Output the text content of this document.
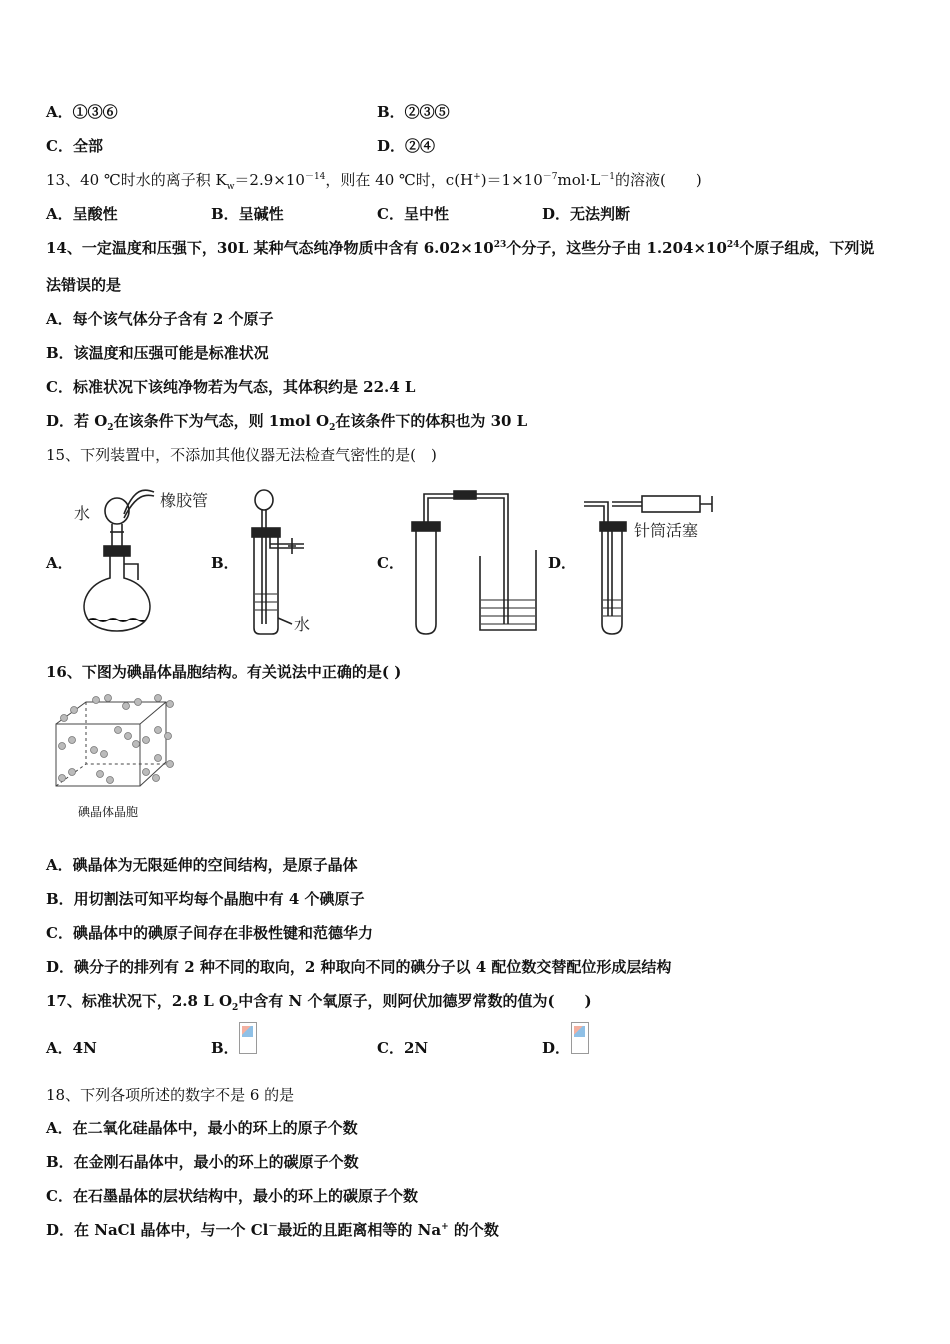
A．①③⑥	B．②③⑤
C．全部	D．②④
13、40 ℃时水的离子积 $K_w=2.9\times 10^{-14}$，则在 40 ℃时，$c(H^+)=1\times 10^{-7}mol\cdot L^{-1}$的溶液(　　)
A．呈酸性	B．呈碱性	C．呈中性	D．无法判断
14、一定温度和压强下，30L 某种气态纯净物质中含有 $6.02\times 10^{23}$个分子，这些分子由 $1.204\times 10^{24}$个原子组成，下列说
法错误的是
A．每个该气体分子含有 2 个原子
B．该温度和压强可能是标准状况
C．标准状况下该纯净物若为气态，其体积约是 22.4 L
D．若 $O_2$在该条件下为气态，则 1mol $O_2$在该条件下的体积也为 30 L
15、下列装置中，不添加其他仪器无法检查气密性的是(　)
A．	B．	C．	D．
水
橡胶管
水
针筒活塞
16、下图为碘晶体晶胞结构。有关说法中正确的是( )
碘晶体晶胞
A．碘晶体为无限延伸的空间结构，是原子晶体
B．用切割法可知平均每个晶胞中有 4 个碘原子
C．碘晶体中的碘原子间存在非极性键和范德华力
D．碘分子的排列有 2 种不同的取向，2 种取向不同的碘分子以 4 配位数交替配位形成层结构
17、标准状况下，2.8 L $O_2$中含有 N 个氧原子，则阿伏加德罗常数的值为(　　)
A．4N	B．	C．2N	D．
18、下列各项所述的数字不是 6 的是
A．在二氧化硅晶体中，最小的环上的原子个数
B．在金刚石晶体中，最小的环上的碳原子个数
C．在石墨晶体的层状结构中，最小的环上的碳原子个数
D．在 NaCl 晶体中，与一个 Cl－最近的且距离相等的 Na+ 的个数
